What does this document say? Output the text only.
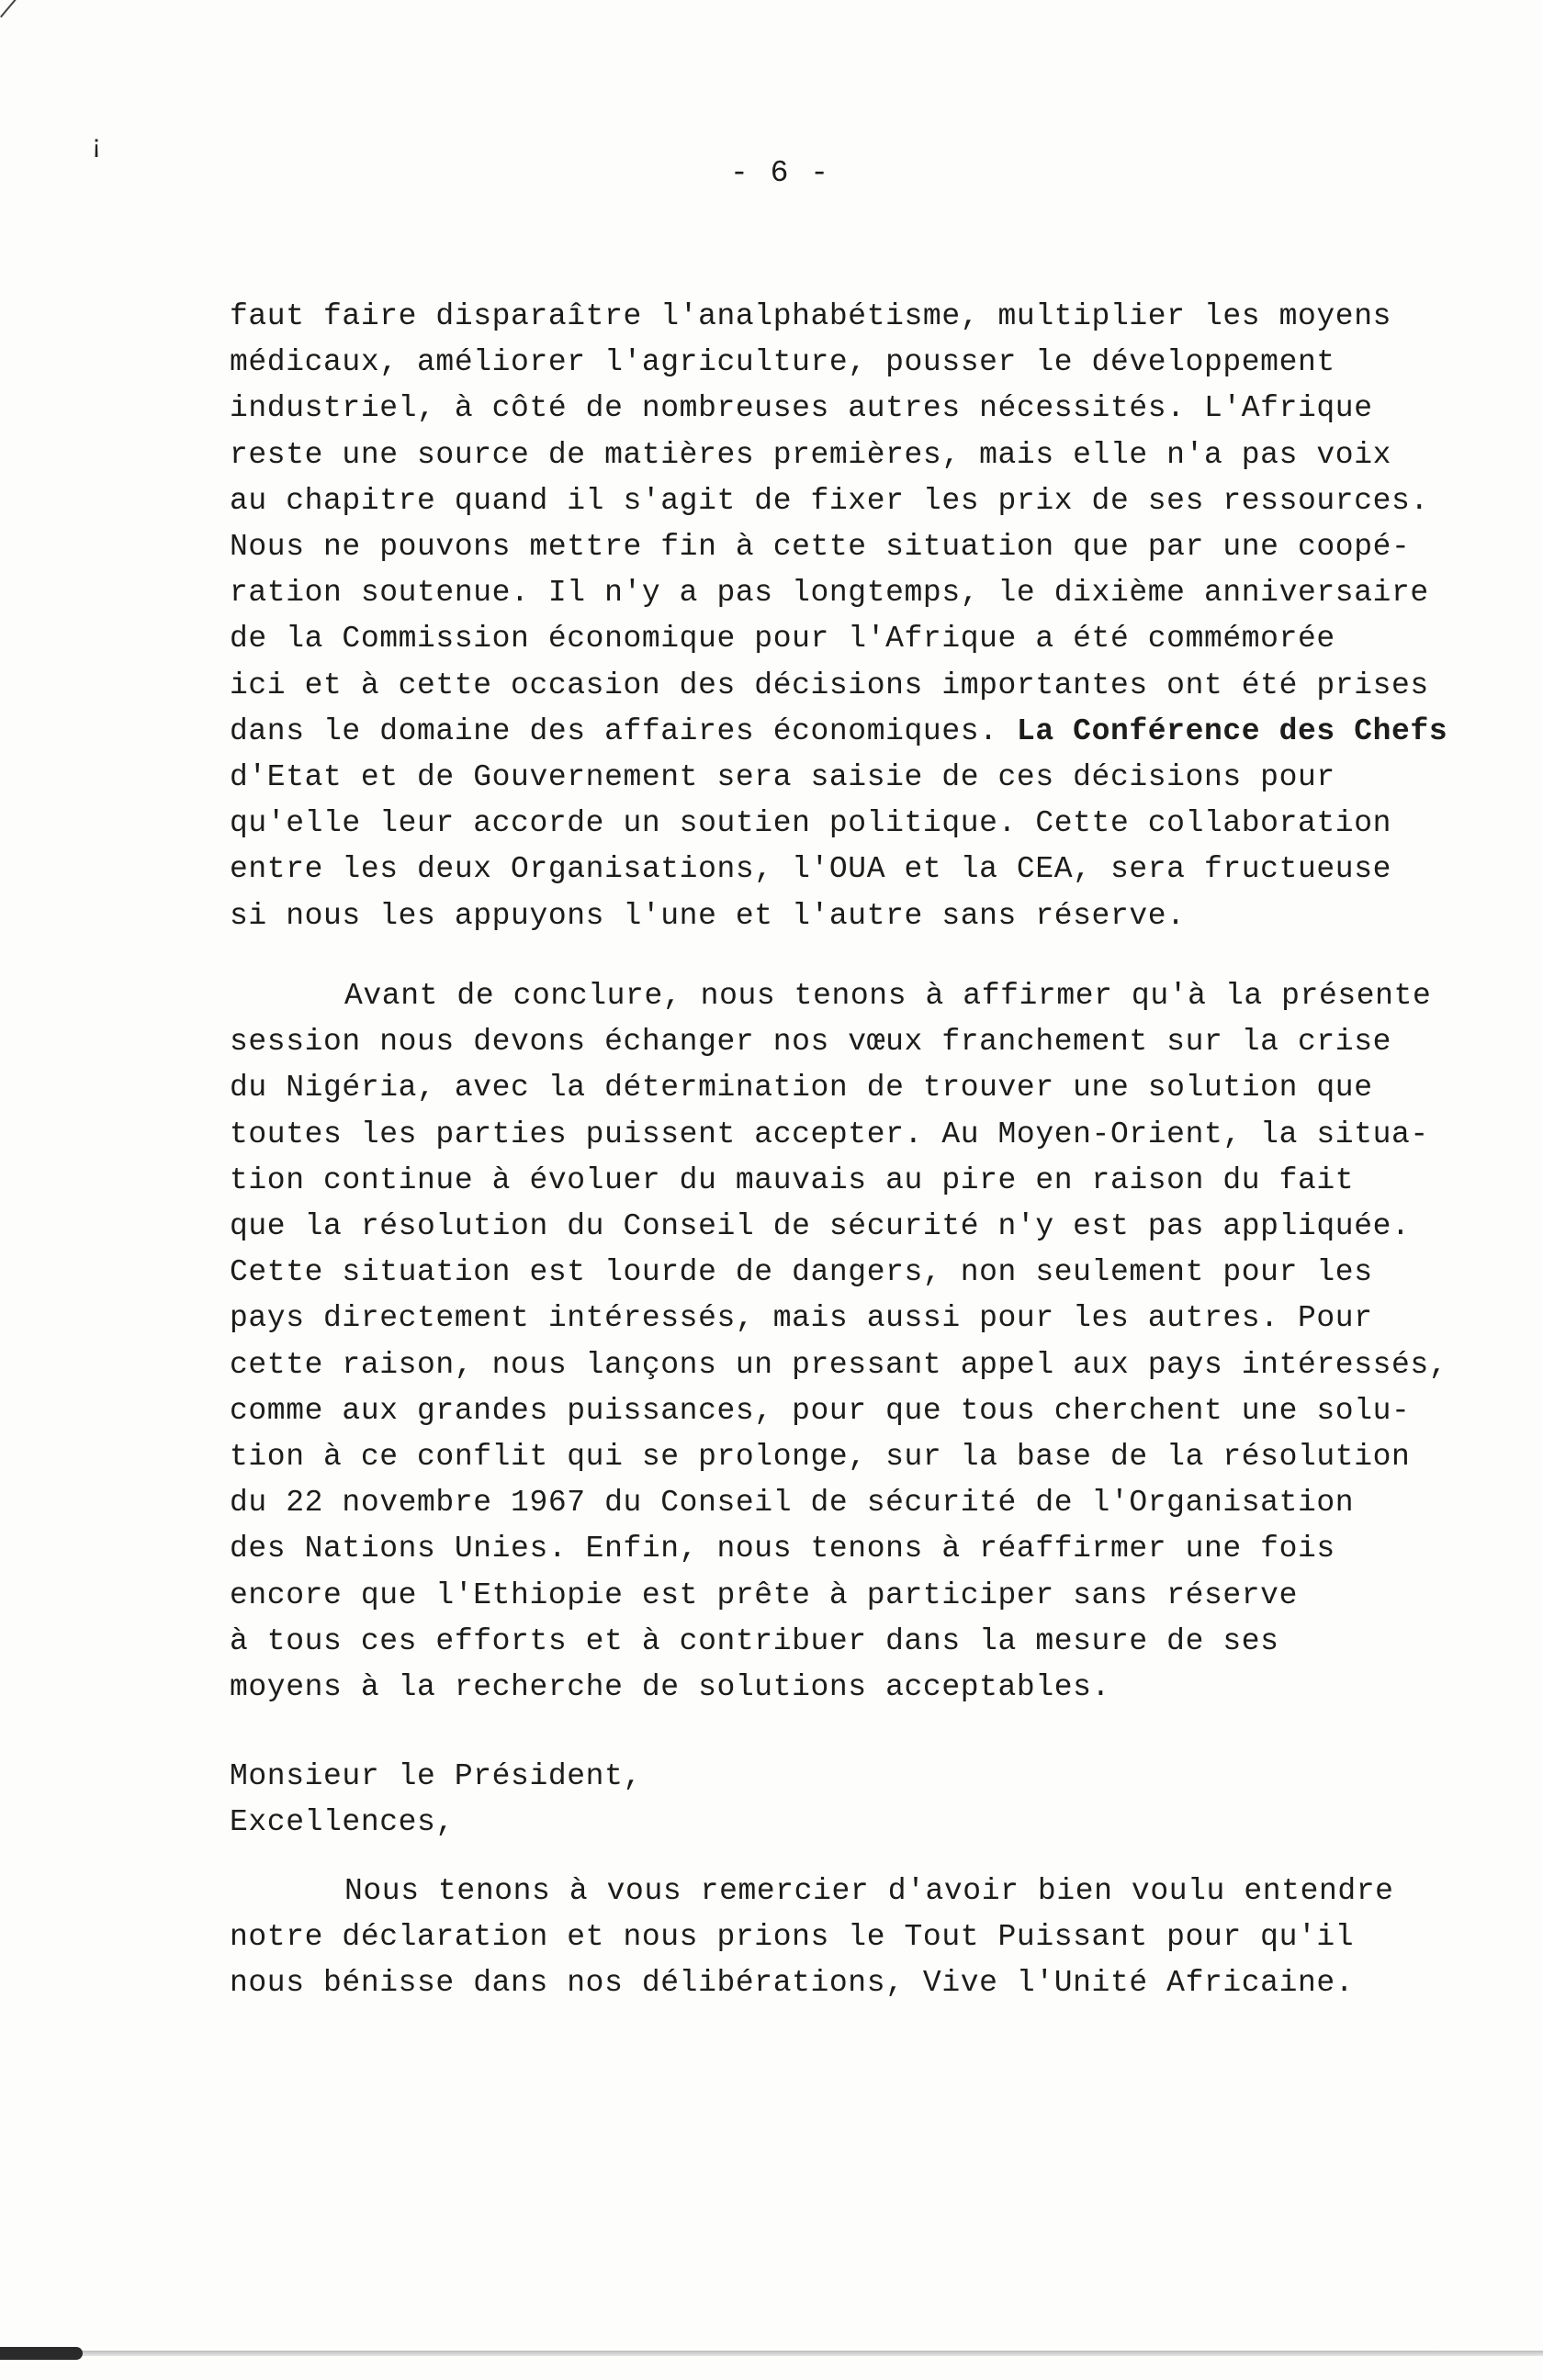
¡
- 6 -
faut faire disparaître l'analphabétisme, multiplier les moyens
médicaux, améliorer l'agriculture, pousser le développement
industriel, à côté de nombreuses autres nécessités. L'Afrique
reste une source de matières premières, mais elle n'a pas voix
au chapitre quand il s'agit de fixer les prix de ses ressources.
Nous ne pouvons mettre fin à cette situation que par une coopé-
ration soutenue. Il n'y a pas longtemps, le dixième anniversaire
de la Commission économique pour l'Afrique a été commémorée
ici et à cette occasion des décisions importantes ont été prises
dans le domaine des affaires économiques. La Conférence des Chefs
d'Etat et de Gouvernement sera saisie de ces décisions pour
qu'elle leur accorde un soutien politique. Cette collaboration
entre les deux Organisations, l'OUA et la CEA, sera fructueuse
si nous les appuyons l'une et l'autre sans réserve.
Avant de conclure, nous tenons à affirmer qu'à la présente
session nous devons échanger nos vœux franchement sur la crise
du Nigéria, avec la détermination de trouver une solution que
toutes les parties puissent accepter. Au Moyen-Orient, la situa-
tion continue à évoluer du mauvais au pire en raison du fait
que la résolution du Conseil de sécurité n'y est pas appliquée.
Cette situation est lourde de dangers, non seulement pour les
pays directement intéressés, mais aussi pour les autres. Pour
cette raison, nous lançons un pressant appel aux pays intéressés,
comme aux grandes puissances, pour que tous cherchent une solu-
tion à ce conflit qui se prolonge, sur la base de la résolution
du 22 novembre 1967 du Conseil de sécurité de l'Organisation
des Nations Unies. Enfin, nous tenons à réaffirmer une fois
encore que l'Ethiopie est prête à participer sans réserve
à tous ces efforts et à contribuer dans la mesure de ses
moyens à la recherche de solutions acceptables.
Monsieur le Président,
Excellences,
Nous tenons à vous remercier d'avoir bien voulu entendre
notre déclaration et nous prions le Tout Puissant pour qu'il
nous bénisse dans nos délibérations, Vive l'Unité Africaine.
